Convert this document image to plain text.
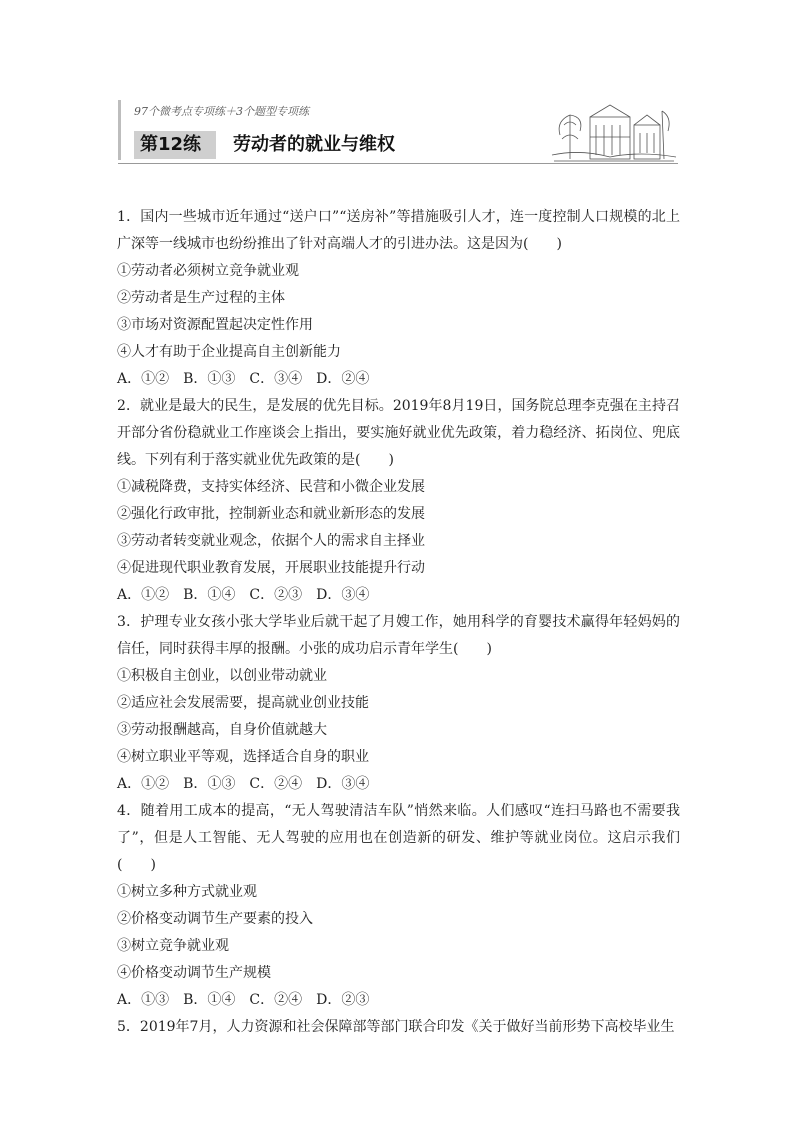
97个微考点专项练＋3个题型专项练
第12练	劳动者的就业与维权

1．国内一些城市近年通过“送户口”“送房补”等措施吸引人才，连一度控制人口规模的北上广深等一线城市也纷纷推出了针对高端人才的引进办法。这是因为(　　)

①劳动者必须树立竞争就业观

②劳动者是生产过程的主体

③市场对资源配置起决定性作用

④人才有助于企业提高自主创新能力

A．①②　B．①③　C．③④　D．②④

2．就业是最大的民生，是发展的优先目标。2019年8月19日，国务院总理李克强在主持召开部分省份稳就业工作座谈会上指出，要实施好就业优先政策，着力稳经济、拓岗位、兜底线。下列有利于落实就业优先政策的是(　　)

①减税降费，支持实体经济、民营和小微企业发展

②强化行政审批，控制新业态和就业新形态的发展

③劳动者转变就业观念，依据个人的需求自主择业

④促进现代职业教育发展，开展职业技能提升行动

A．①②　B．①④　C．②③　D．③④

3．护理专业女孩小张大学毕业后就干起了月嫂工作，她用科学的育婴技术赢得年轻妈妈的信任，同时获得丰厚的报酬。小张的成功启示青年学生(　　)

①积极自主创业，以创业带动就业

②适应社会发展需要，提高就业创业技能

③劳动报酬越高，自身价值就越大

④树立职业平等观，选择适合自身的职业

A．①②　B．①③　C．②④　D．③④

4．随着用工成本的提高，“无人驾驶清洁车队”悄然来临。人们感叹“连扫马路也不需要我了”，但是人工智能、无人驾驶的应用也在创造新的研发、维护等就业岗位。这启示我们(　　)

①树立多种方式就业观

②价格变动调节生产要素的投入

③树立竞争就业观

④价格变动调节生产规模

A．①③　B．①④　C．②④　D．②③

5．2019年7月，人力资源和社会保障部等部门联合印发《关于做好当前形势下高校毕业生
